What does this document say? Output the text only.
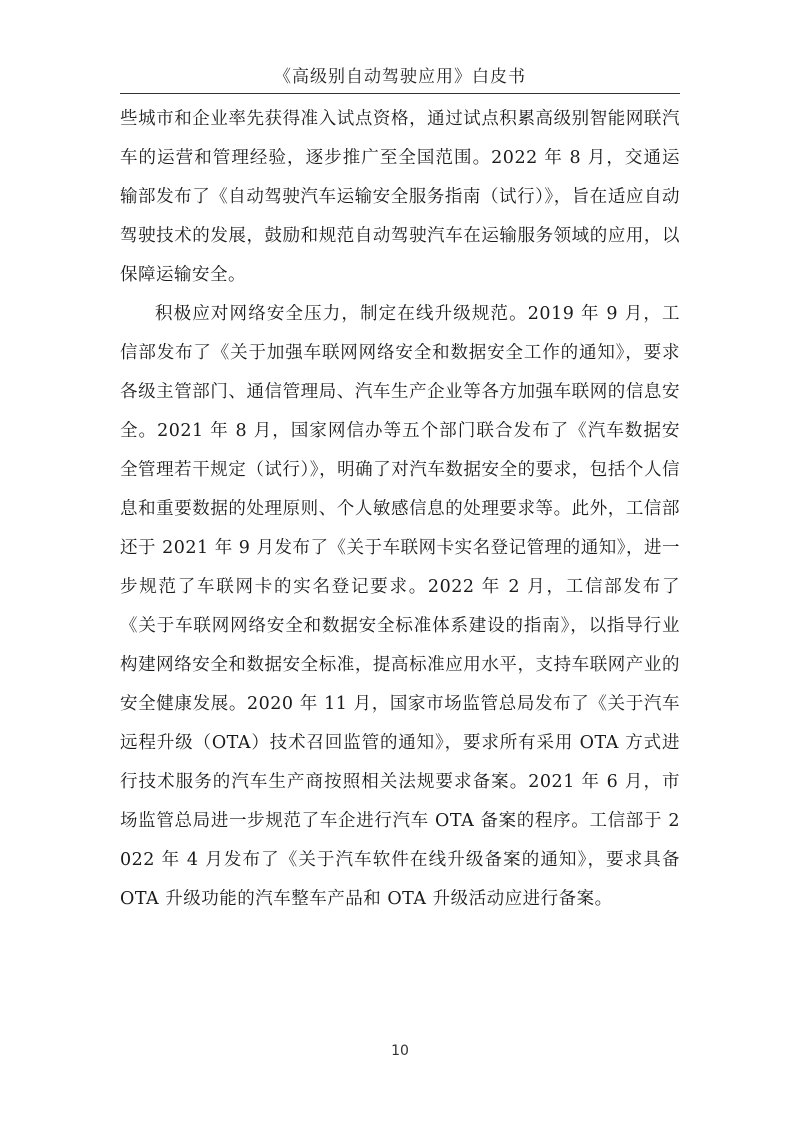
《高级别自动驾驶应用》白皮书

些城市和企业率先获得准入试点资格，通过试点积累高级别智能网联汽车的运营和管理经验，逐步推广至全国范围。2022 年 8 月，交通运输部发布了《自动驾驶汽车运输安全服务指南（试行）》，旨在适应自动驾驶技术的发展，鼓励和规范自动驾驶汽车在运输服务领域的应用，以保障运输安全。

积极应对网络安全压力，制定在线升级规范。2019 年 9 月，工信部发布了《关于加强车联网网络安全和数据安全工作的通知》，要求各级主管部门、通信管理局、汽车生产企业等各方加强车联网的信息安全。2021 年 8 月，国家网信办等五个部门联合发布了《汽车数据安全管理若干规定（试行）》，明确了对汽车数据安全的要求，包括个人信息和重要数据的处理原则、个人敏感信息的处理要求等。此外，工信部还于 2021 年 9 月发布了《关于车联网卡实名登记管理的通知》，进一步规范了车联网卡的实名登记要求。2022 年 2 月，工信部发布了《关于车联网网络安全和数据安全标准体系建设的指南》，以指导行业构建网络安全和数据安全标准，提高标准应用水平，支持车联网产业的安全健康发展。2020 年 11 月，国家市场监管总局发布了《关于汽车远程升级（OTA）技术召回监管的通知》，要求所有采用 OTA 方式进行技术服务的汽车生产商按照相关法规要求备案。2021 年 6 月，市场监管总局进一步规范了车企进行汽车 OTA 备案的程序。工信部于 2022 年 4 月发布了《关于汽车软件在线升级备案的通知》，要求具备 OTA 升级功能的汽车整车产品和 OTA 升级活动应进行备案。

10
